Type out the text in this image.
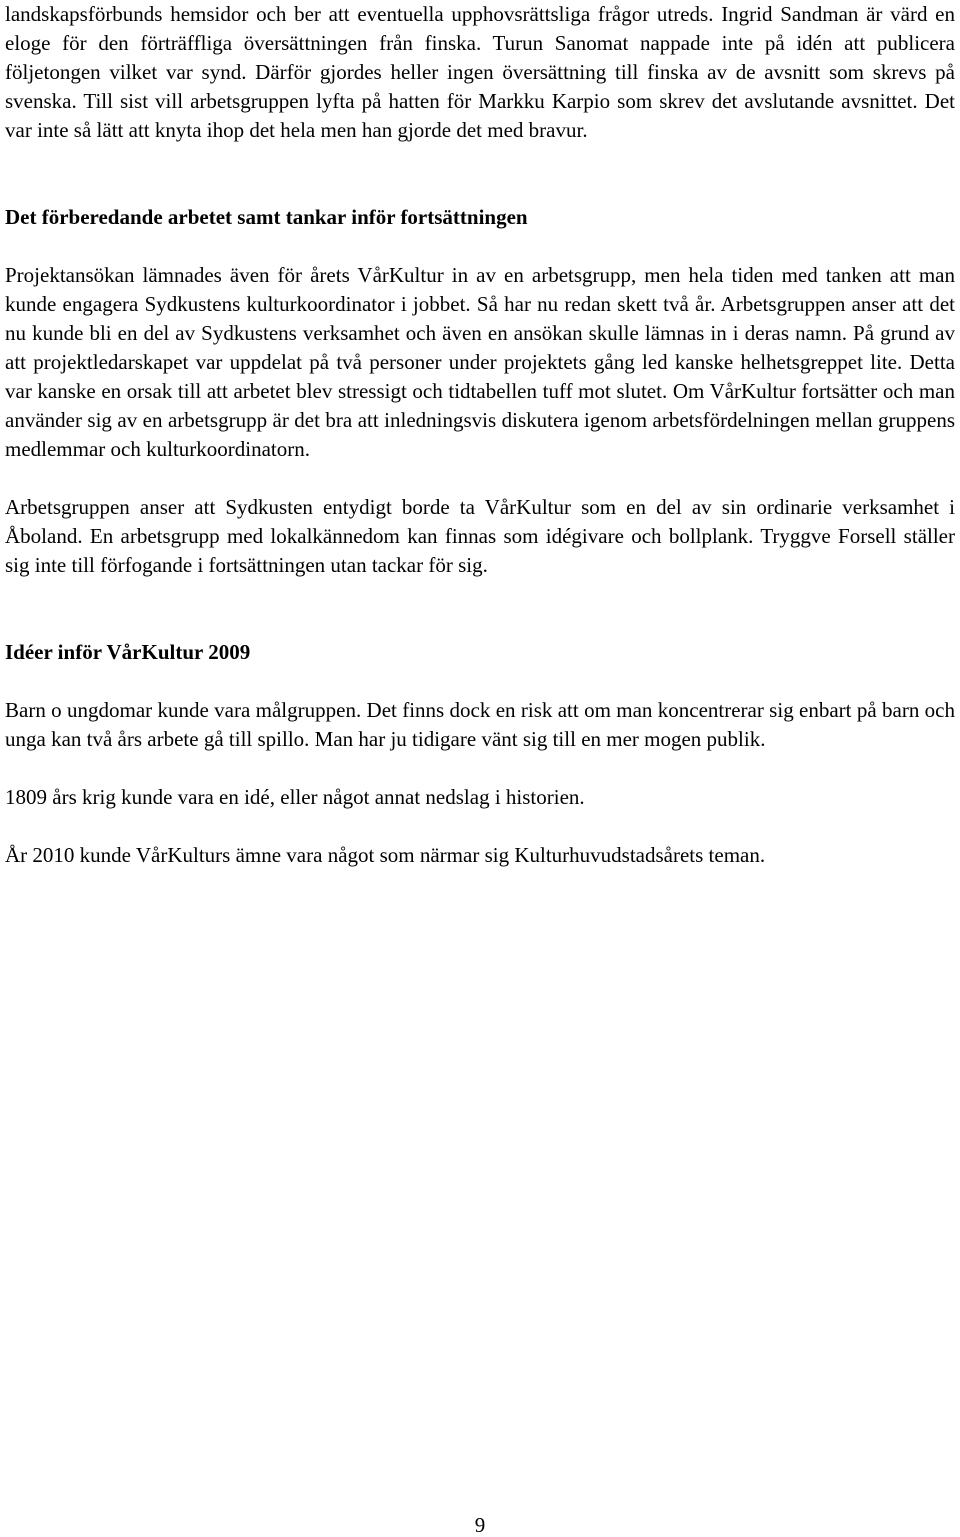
landskapsförbunds hemsidor och ber att eventuella upphovsrättsliga frågor utreds. Ingrid Sandman är värd en eloge för den förträffliga översättningen från finska. Turun Sanomat nappade inte på idén att publicera följetongen vilket var synd. Därför gjordes heller ingen översättning till finska av de avsnitt som skrevs på svenska. Till sist vill arbetsgruppen lyfta på hatten för Markku Karpio som skrev det avslutande avsnittet. Det var inte så lätt att knyta ihop det hela men han gjorde det med bravur.

Det förberedande arbetet samt tankar inför fortsättningen

Projektansökan lämnades även för årets VårKultur in av en arbetsgrupp, men hela tiden med tanken att man kunde engagera Sydkustens kulturkoordinator i jobbet. Så har nu redan skett två år. Arbetsgruppen anser att det nu kunde bli en del av Sydkustens verksamhet och även en ansökan skulle lämnas in i deras namn. På grund av att projektledarskapet var uppdelat på två personer under projektets gång led kanske helhetsgreppet lite. Detta var kanske en orsak till att arbetet blev stressigt och tidtabellen tuff mot slutet. Om VårKultur fortsätter och man använder sig av en arbetsgrupp är det bra att inledningsvis diskutera igenom arbetsfördelningen mellan gruppens medlemmar och kulturkoordinatorn.

Arbetsgruppen anser att Sydkusten entydigt borde ta VårKultur som en del av sin ordinarie verksamhet i Åboland. En arbetsgrupp med lokalkännedom kan finnas som idégivare och bollplank. Tryggve Forsell ställer sig inte till förfogande i fortsättningen utan tackar för sig.

Idéer inför VårKultur 2009

Barn o ungdomar kunde vara målgruppen. Det finns dock en risk att om man koncentrerar sig enbart på barn och unga kan två års arbete gå till spillo. Man har ju tidigare vänt sig till en mer mogen publik.

1809 års krig kunde vara en idé, eller något annat nedslag i historien.

År 2010 kunde VårKulturs ämne vara något som närmar sig Kulturhuvudstadsårets teman.

9
